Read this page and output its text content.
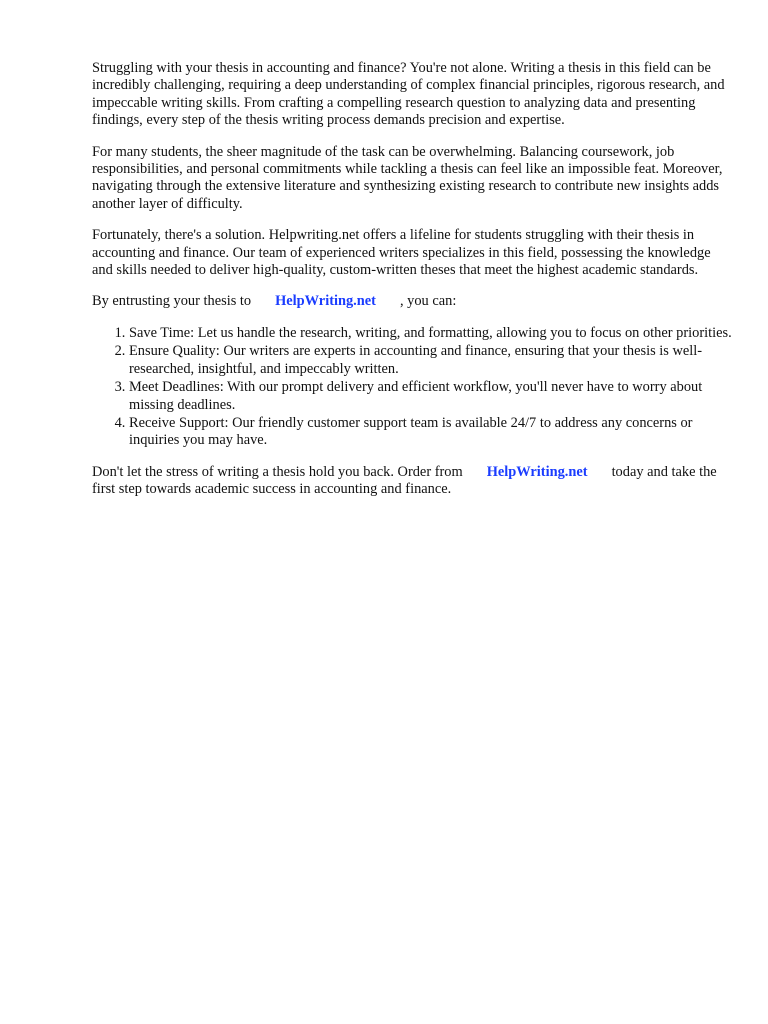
Struggling with your thesis in accounting and finance? You're not alone. Writing a thesis in this field can be incredibly challenging, requiring a deep understanding of complex financial principles, rigorous research, and impeccable writing skills. From crafting a compelling research question to analyzing data and presenting findings, every step of the thesis writing process demands precision and expertise.

For many students, the sheer magnitude of the task can be overwhelming. Balancing coursework, job responsibilities, and personal commitments while tackling a thesis can feel like an impossible feat. Moreover, navigating through the extensive literature and synthesizing existing research to contribute new insights adds another layer of difficulty.

Fortunately, there's a solution. Helpwriting.net offers a lifeline for students struggling with their thesis in accounting and finance. Our team of experienced writers specializes in this field, possessing the knowledge and skills needed to deliver high-quality, custom-written theses that meet the highest academic standards.

By entrusting your thesis to HelpWriting.net , you can:

1. Save Time: Let us handle the research, writing, and formatting, allowing you to focus on other priorities.
2. Ensure Quality: Our writers are experts in accounting and finance, ensuring that your thesis is well-researched, insightful, and impeccably written.
3. Meet Deadlines: With our prompt delivery and efficient workflow, you'll never have to worry about missing deadlines.
4. Receive Support: Our friendly customer support team is available 24/7 to address any concerns or inquiries you may have.

Don't let the stress of writing a thesis hold you back. Order from HelpWriting.net today and take the first step towards academic success in accounting and finance.
